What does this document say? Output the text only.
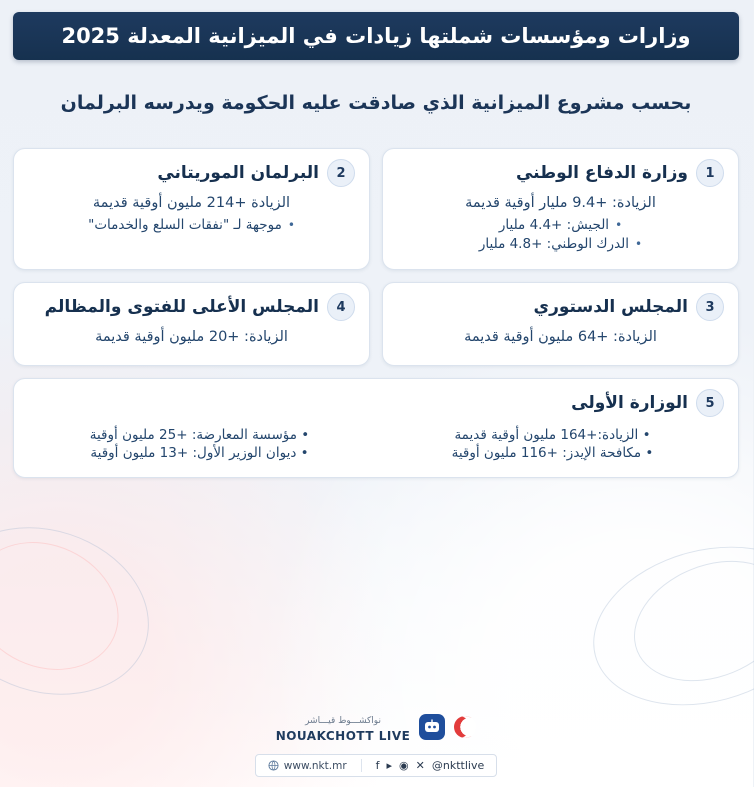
وزارات ومؤسسات شملتها زيادات في الميزانية المعدلة 2025
بحسب مشروع الميزانية الذي صادقت عليه الحكومة ويدرسه البرلمان
1
وزارة الدفاع الوطني
الزيادة: +9.4 مليار أوقية قديمة
•الجيش: +4.4 مليار
•الدرك الوطني: +4.8 مليار
2
البرلمان الموريتاني
الزيادة +214 مليون أوقية قديمة
•موجهة لـ "نفقات السلع والخدمات"
3
المجلس الدستوري
الزيادة: +64 مليون أوقية قديمة
4
المجلس الأعلى للفتوى والمظالم
الزيادة: +20 مليون أوقية قديمة
5
الوزارة الأولى
• الزيادة:+164 مليون أوقية قديمة
• مكافحة الإيدز: +116 مليون أوقية
• مؤسسة المعارضة: +25 مليون أوقية
• ديوان الوزير الأول: +13 مليون أوقية
نواكشـــوط قيـــاشر
NOUAKCHOTT LIVE
www.nkt.mr	f ▸ ◉ ✕ @nkttlive
